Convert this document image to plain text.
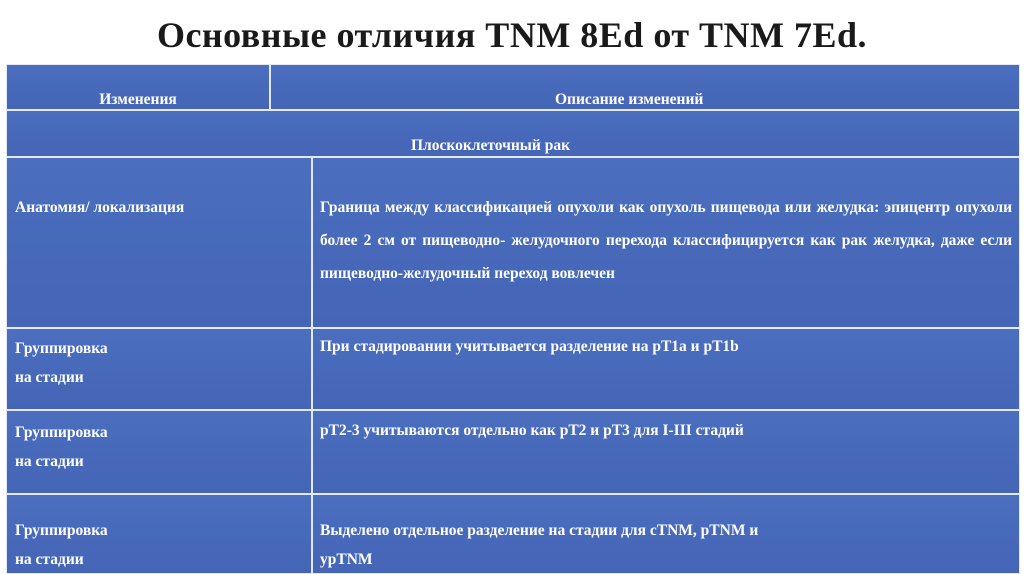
Основные отличия TNM 8Ed от TNM 7Ed.
Изменения	Описание изменений
Плоскоклеточный рак
Анатомия/ локализация	Граница между классификацией опухоли как опухоль пищевода или желудка: эпицентр опухоли более 2 см от пищеводно- желудочного перехода классифицируется как рак желудка, даже если пищеводно-желудочный переход вовлечен

Группировка
на стадии
При стадировании учитывается разделение на pT1a и pT1b
Группировка
на стадии
pT2-3 учитываются отдельно как pT2 и pT3 для I-III стадий
Группировка
на стадии
Выделено отдельное разделение на стадии для cTNM, pTNM и
ypTNM
